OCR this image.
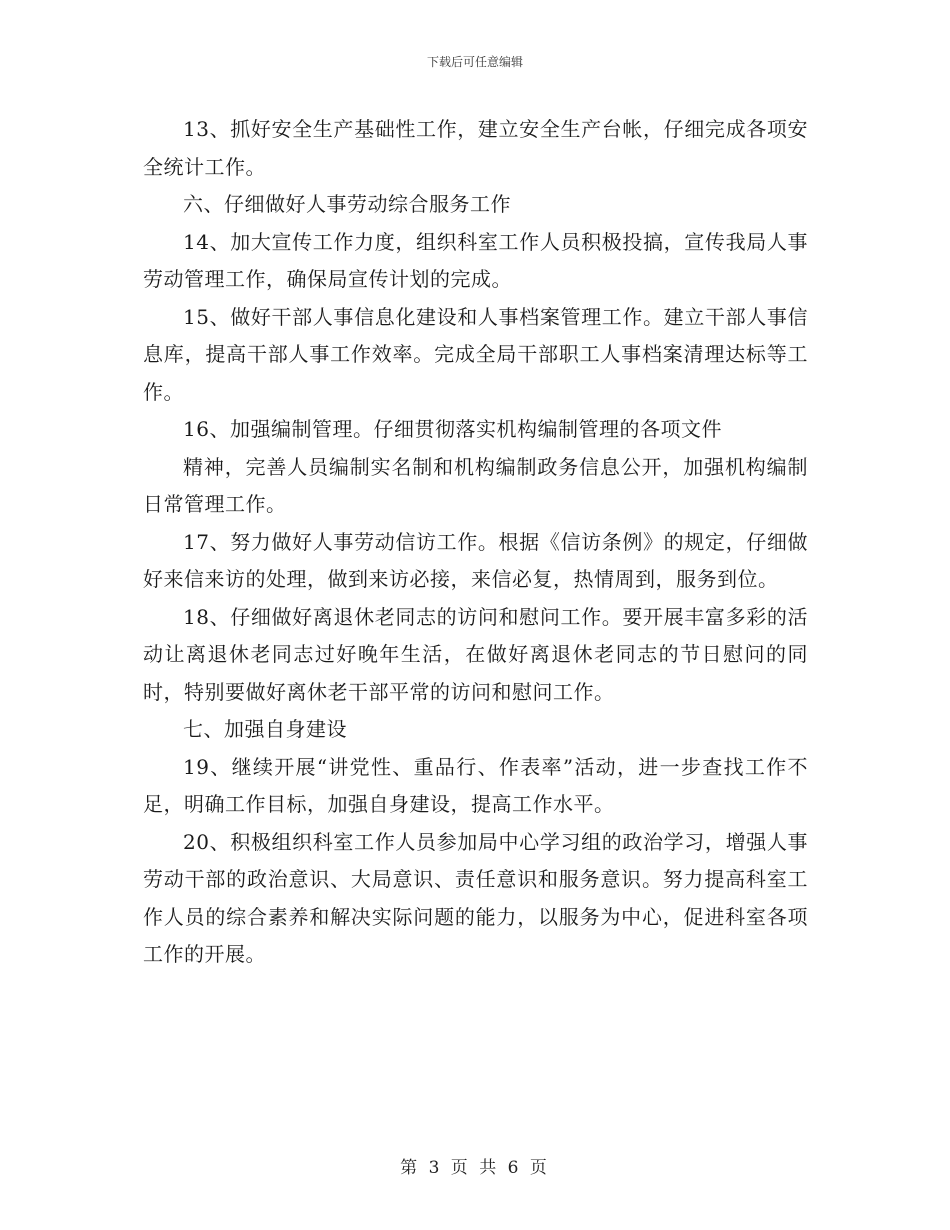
下载后可任意编辑

13、抓好安全生产基础性工作，建立安全生产台帐，仔细完成各项安全统计工作。

六、仔细做好人事劳动综合服务工作

14、加大宣传工作力度，组织科室工作人员积极投搞，宣传我局人事劳动管理工作，确保局宣传计划的完成。

15、做好干部人事信息化建设和人事档案管理工作。建立干部人事信息库，提高干部人事工作效率。完成全局干部职工人事档案清理达标等工作。

16、加强编制管理。仔细贯彻落实机构编制管理的各项文件

精神，完善人员编制实名制和机构编制政务信息公开，加强机构编制日常管理工作。

17、努力做好人事劳动信访工作。根据《信访条例》的规定，仔细做好来信来访的处理，做到来访必接，来信必复，热情周到，服务到位。

18、仔细做好离退休老同志的访问和慰问工作。要开展丰富多彩的活动让离退休老同志过好晚年生活，在做好离退休老同志的节日慰问的同时，特别要做好离休老干部平常的访问和慰问工作。

七、加强自身建设

19、继续开展“讲党性、重品行、作表率”活动，进一步查找工作不足，明确工作目标，加强自身建设，提高工作水平。

20、积极组织科室工作人员参加局中心学习组的政治学习，增强人事劳动干部的政治意识、大局意识、责任意识和服务意识。努力提高科室工作人员的综合素养和解决实际问题的能力，以服务为中心，促进科室各项工作的开展。

第 3 页 共 6 页
